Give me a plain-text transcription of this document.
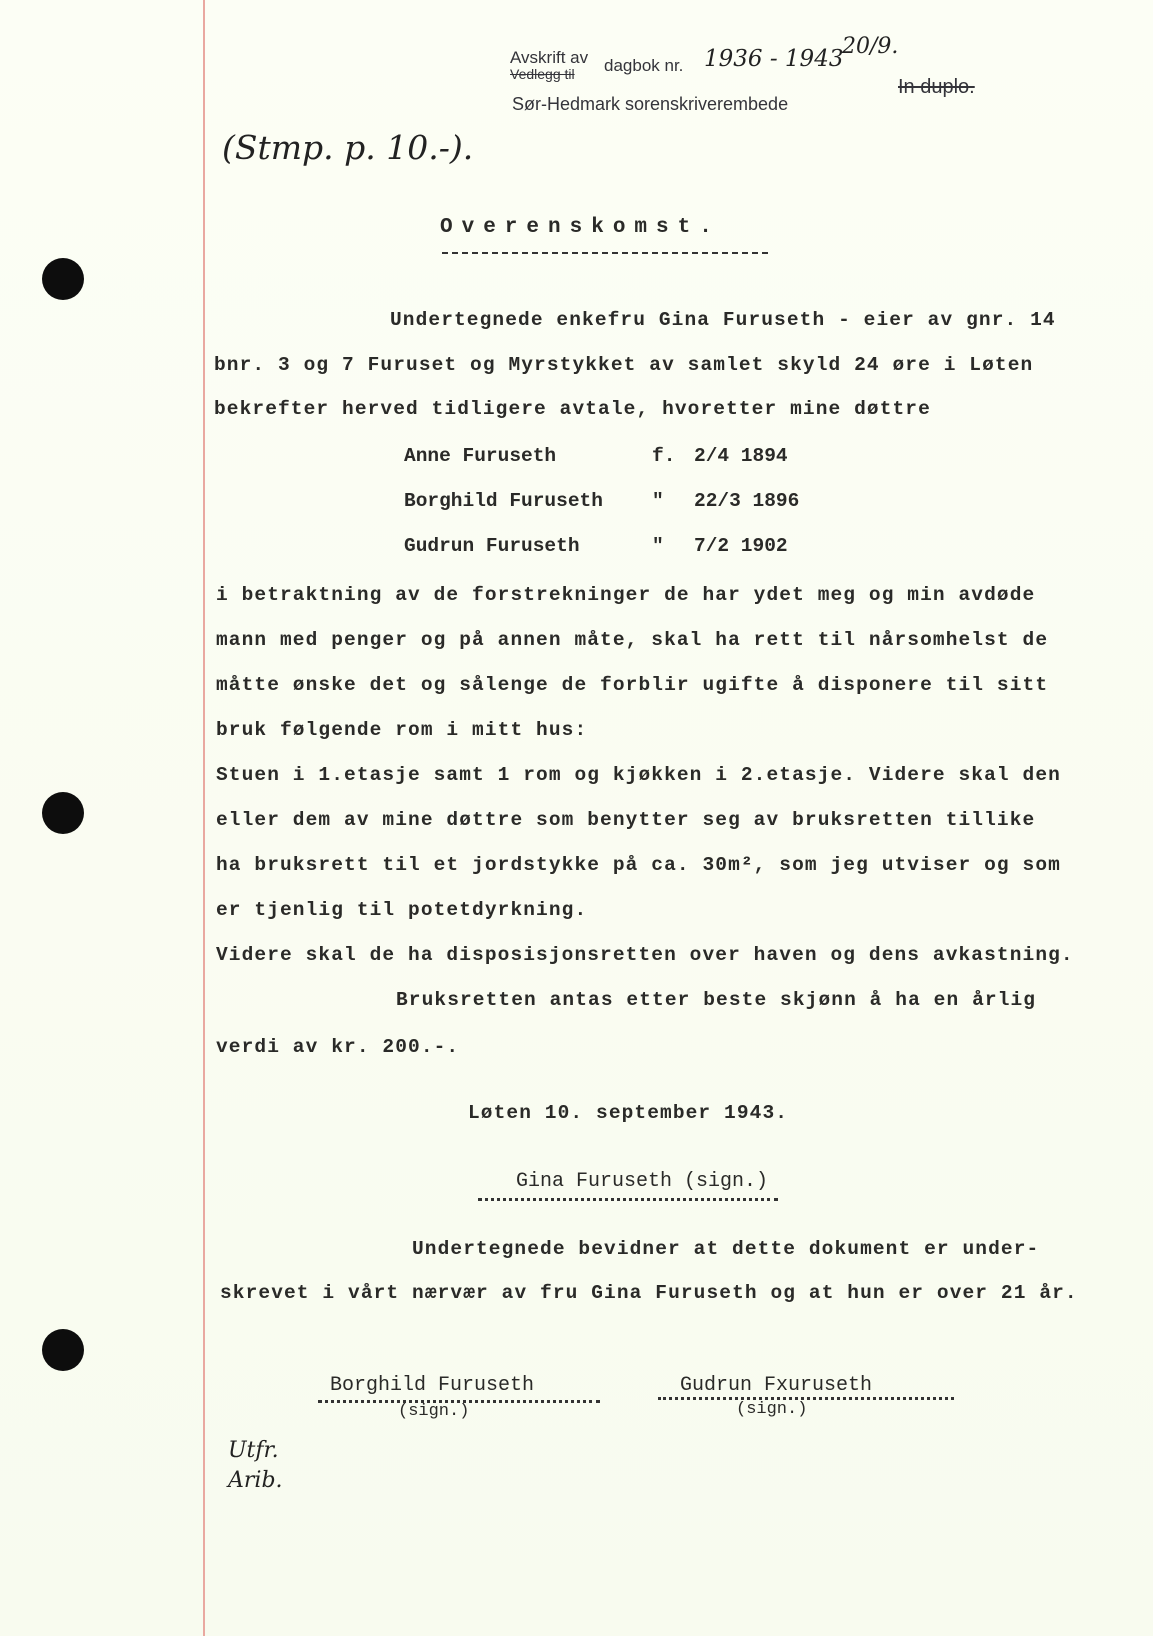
Avskrift av
Vedlegg til dagbok nr. 1936 - 1943
20/9.
In duplo.
Sør-Hedmark sorenskriverembede
(Stmp. p. 10.-).
Overenskomst.
Undertegnede enkefru Gina Furuseth - eier av gnr. 14
bnr. 3 og 7 Furuset og Myrstykket av samlet skyld 24 øre i Løten
bekrefter herved tidligere avtale, hvoretter mine døttre
Anne Furuseth	f. 2/4 1894
Borghild Furuseth	" 22/3 1896
Gudrun Furuseth	" 7/2 1902
i betraktning av de forstrekninger de har ydet meg og min avdøde
mann med penger og på annen måte, skal ha rett til nårsomhelst de
måtte ønske det og sålenge de forblir ugifte å disponere til sitt
bruk følgende rom i mitt hus:
Stuen i 1.etasje samt 1 rom og kjøkken i 2.etasje. Videre skal den
eller dem av mine døttre som benytter seg av bruksretten tillike
ha bruksrett til et jordstykke på ca. 30m², som jeg utviser og som
er tjenlig til potetdyrkning.
Videre skal de ha disposisjonsretten over haven og dens avkastning.
Bruksretten antas etter beste skjønn å ha en årlig
verdi av kr. 200.-.
Løten 10. september 1943.
Gina Furuseth (sign.)
Undertegnede bevidner at dette dokument er under-
skrevet i vårt nærvær av fru Gina Furuseth og at hun er over 21 år.
Borghild Furuseth
(sign.)
Gudrun Fxuruseth
(sign.)
Utfr. Arib.
